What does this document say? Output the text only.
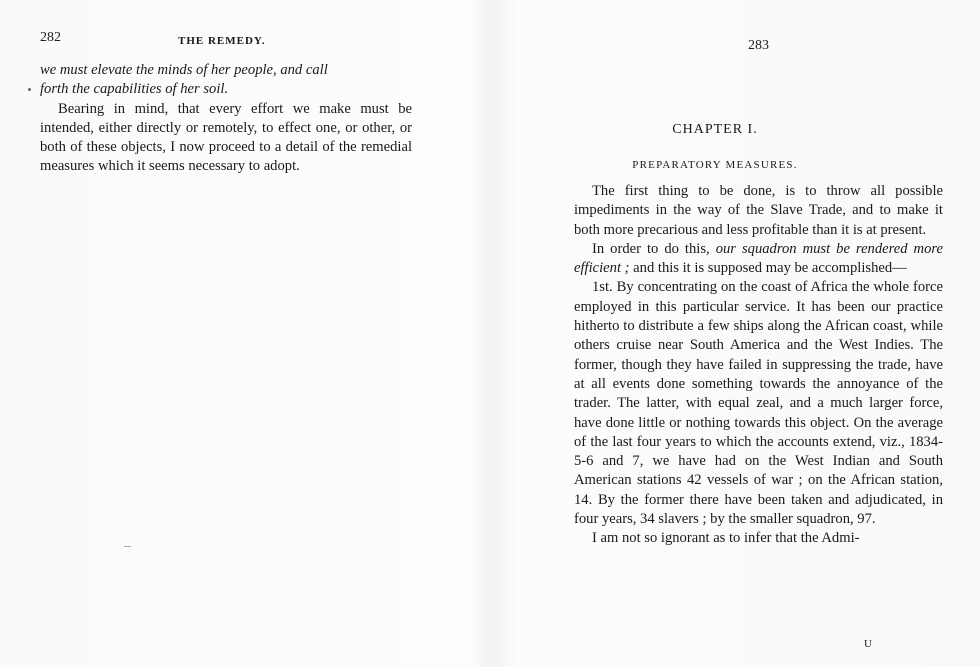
282	THE REMEDY.

we must elevate the minds of her people, and call

forth the capabilities of her soil.

Bearing in mind, that every effort we make must be intended, either directly or remotely, to effect one, or other, or both of these objects, I now proceed to a detail of the remedial measures which it seems necessary to adopt.

283
CHAPTER I.
PREPARATORY MEASURES.

The first thing to be done, is to throw all possible impediments in the way of the Slave Trade, and to make it both more precarious and less profitable than it is at present.

In order to do this, our squadron must be rendered more efficient ; and this it is supposed may be accomplished—

1st. By concentrating on the coast of Africa the whole force employed in this particular service. It has been our practice hitherto to distribute a few ships along the African coast, while others cruise near South America and the West Indies. The former, though they have failed in suppressing the trade, have at all events done something towards the annoyance of the trader. The latter, with equal zeal, and a much larger force, have done little or nothing towards this object. On the average of the last four years to which the accounts extend, viz., 1834-5-6 and 7, we have had on the West Indian and South American stations 42 vessels of war ; on the African station, 14. By the former there have been taken and adjudicated, in four years, 34 slavers ; by the smaller squadron, 97.

I am not so ignorant as to infer that the Admi-

U
